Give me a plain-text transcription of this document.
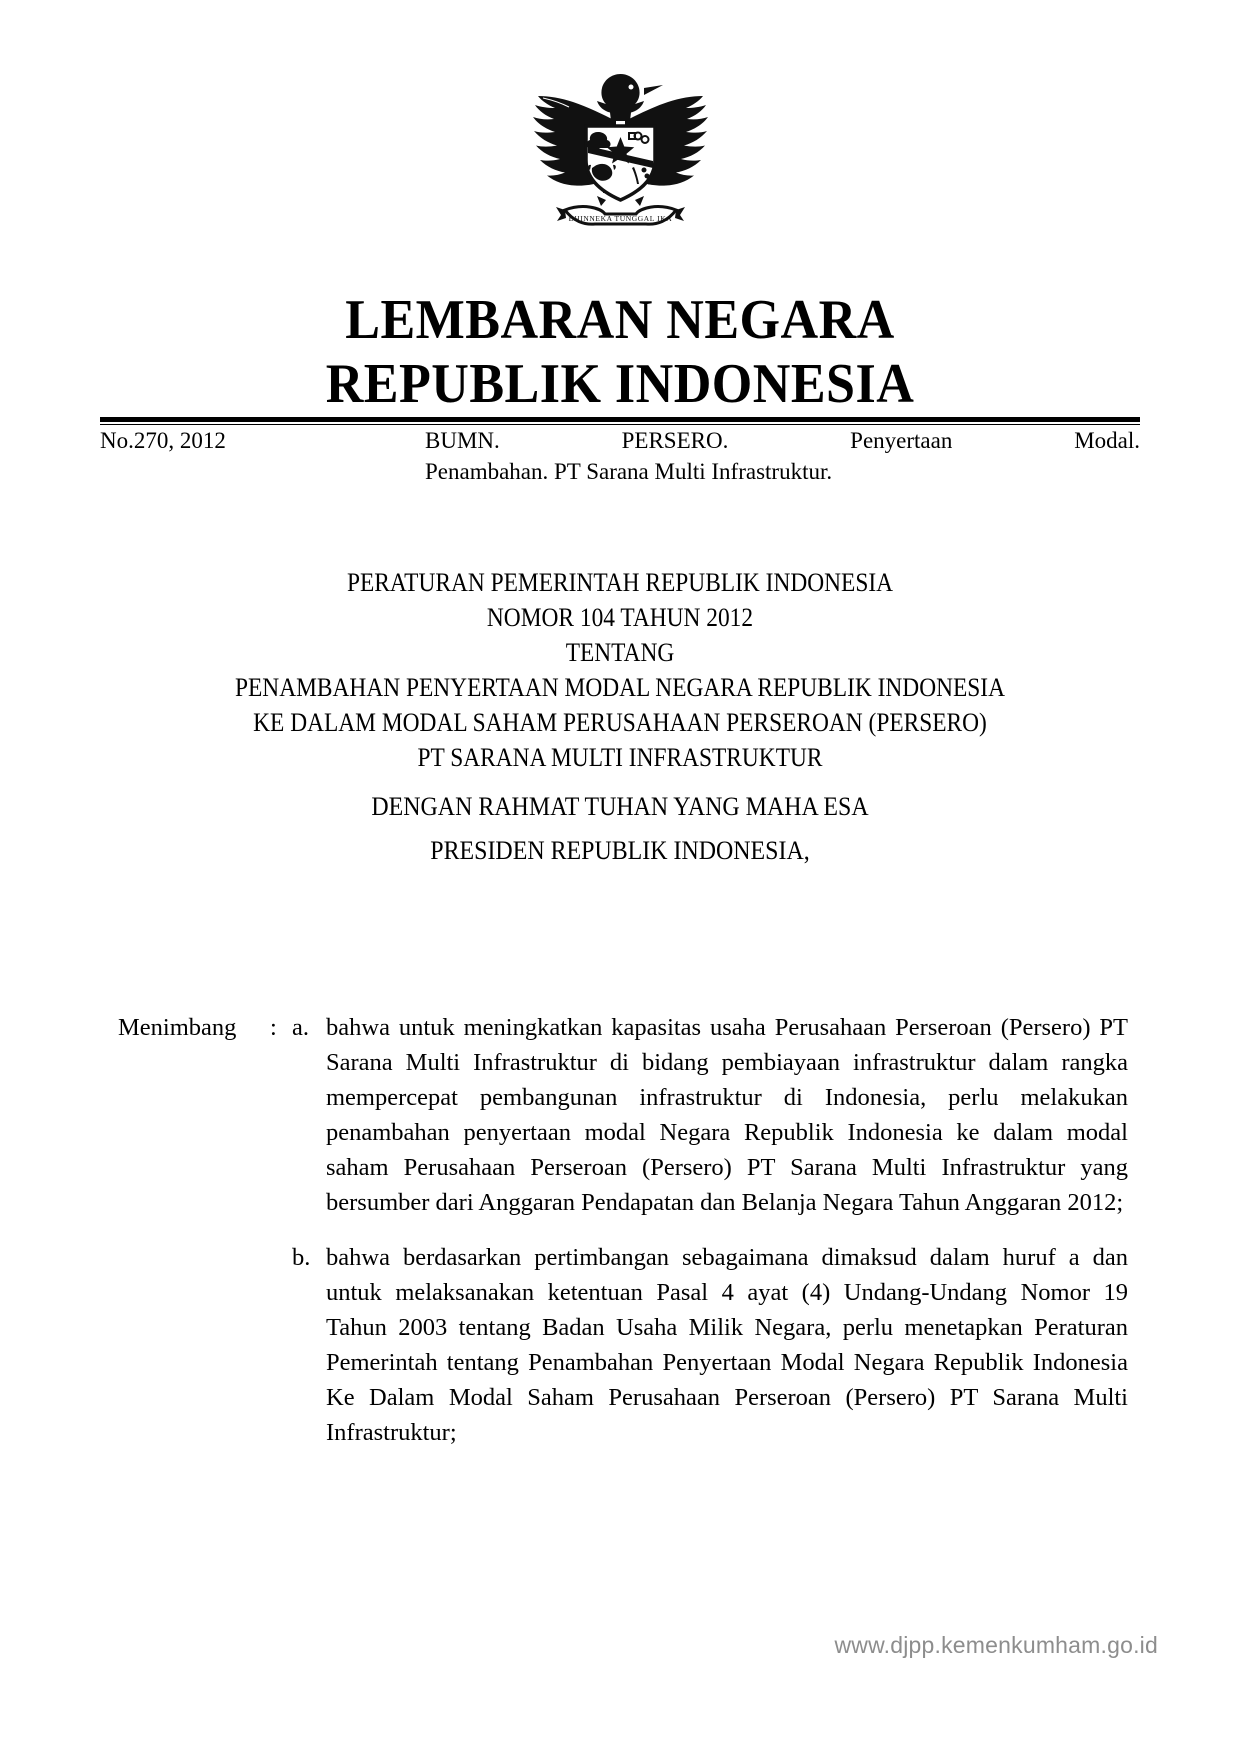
BHINNEKA TUNGGAL IKA
LEMBARAN NEGARA
REPUBLIK INDONESIA
No.270, 2012	BUMN. PERSERO. Penyertaan Modal.
Penambahan. PT Sarana Multi Infrastruktur.
PERATURAN PEMERINTAH REPUBLIK INDONESIA
NOMOR 104 TAHUN 2012
TENTANG
PENAMBAHAN PENYERTAAN MODAL NEGARA REPUBLIK INDONESIA
KE DALAM MODAL SAHAM PERUSAHAAN PERSEROAN (PERSERO)
PT SARANA MULTI INFRASTRUKTUR
DENGAN RAHMAT TUHAN YANG MAHA ESA
PRESIDEN REPUBLIK INDONESIA,
Menimbang	: a. bahwa untuk meningkatkan kapasitas usaha Perusahaan Perseroan (Persero) PT Sarana Multi Infrastruktur di bidang pembiayaan infrastruktur dalam rangka mempercepat pembangunan infrastruktur di Indonesia, perlu melakukan penambahan penyertaan modal Negara Republik Indonesia ke dalam modal saham Perusahaan Perseroan (Persero) PT Sarana Multi Infrastruktur yang bersumber dari Anggaran Pendapatan dan Belanja Negara Tahun Anggaran 2012;
b. bahwa berdasarkan pertimbangan sebagaimana dimaksud dalam huruf a dan untuk melaksanakan ketentuan Pasal 4 ayat (4) Undang-Undang Nomor 19 Tahun 2003 tentang Badan Usaha Milik Negara, perlu menetapkan Peraturan Pemerintah tentang Penambahan Penyertaan Modal Negara Republik Indonesia Ke Dalam Modal Saham Perusahaan Perseroan (Persero) PT Sarana Multi Infrastruktur;
www.djpp.kemenkumham.go.id
